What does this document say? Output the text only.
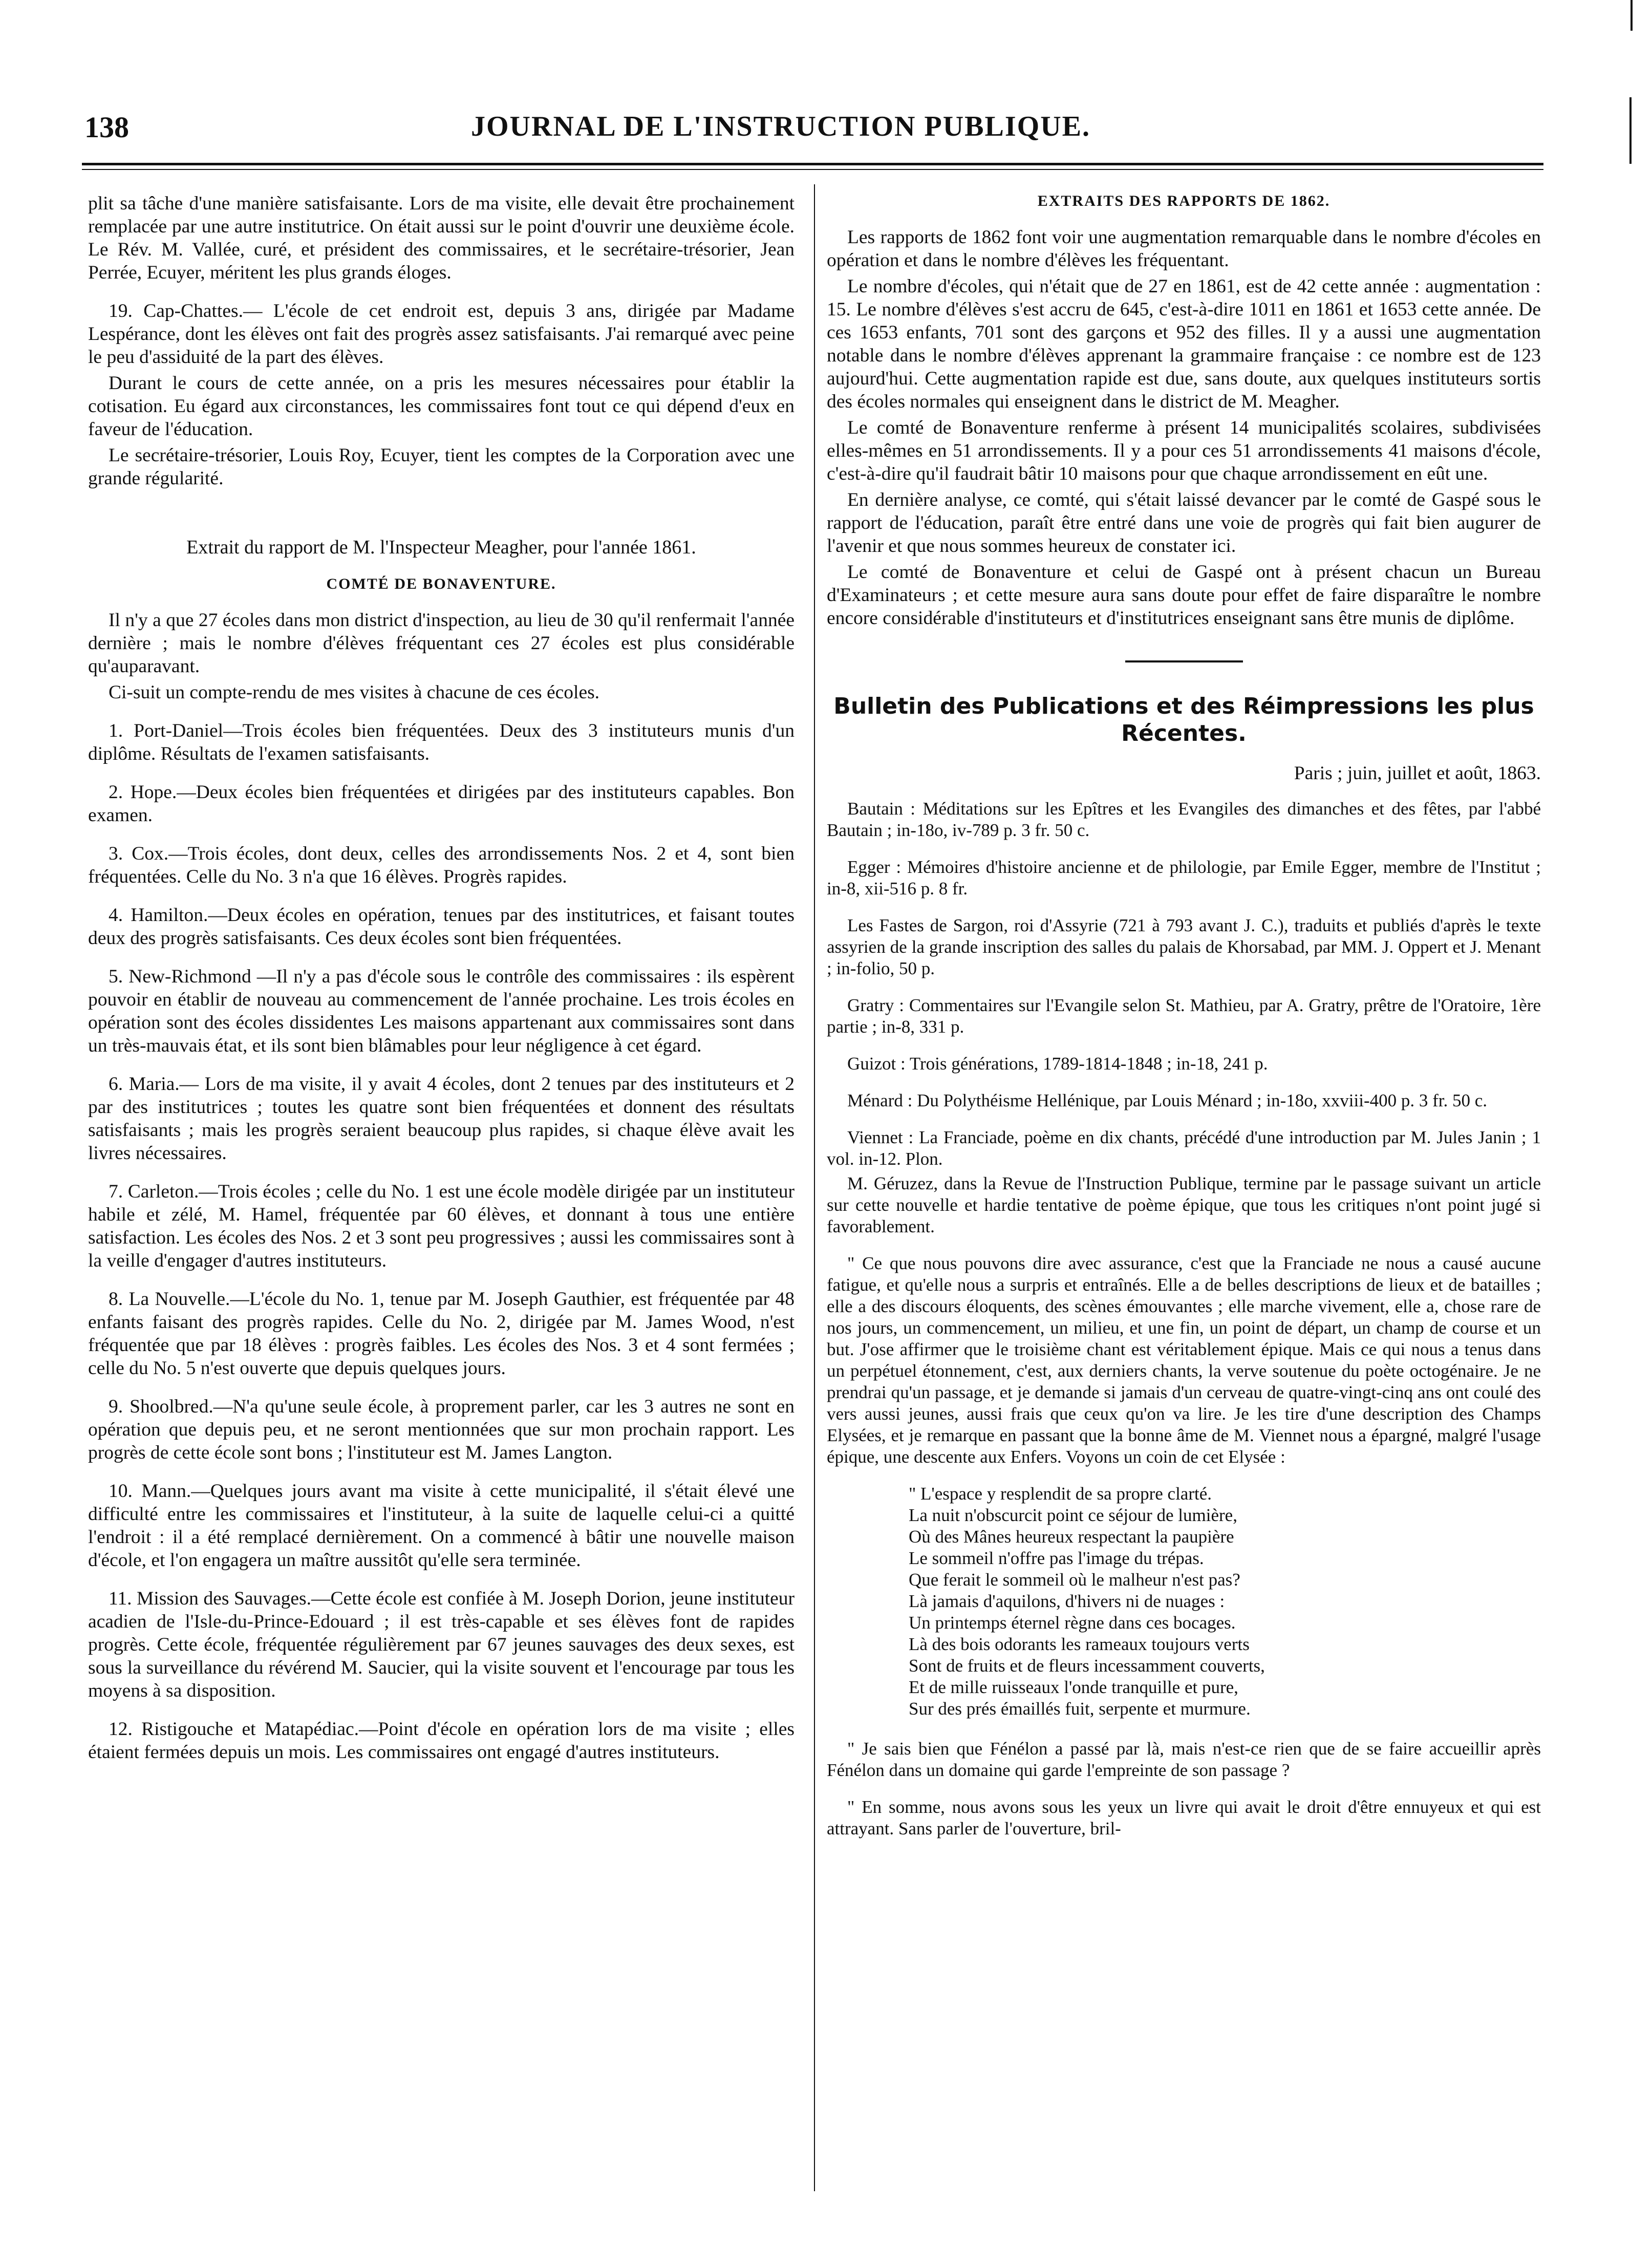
138	JOURNAL DE L'INSTRUCTION PUBLIQUE.

plit sa tâche d'une manière satisfaisante. Lors de ma visite, elle devait être prochainement remplacée par une autre institutrice. On était aussi sur le point d'ouvrir une deuxième école. Le Rév. M. Vallée, curé, et président des commissaires, et le secrétaire-trésorier, Jean Perrée, Ecuyer, méritent les plus grands éloges.

19. Cap-Chattes.— L'école de cet endroit est, depuis 3 ans, dirigée par Madame Lespérance, dont les élèves ont fait des progrès assez satisfaisants. J'ai remarqué avec peine le peu d'assiduité de la part des élèves.

Durant le cours de cette année, on a pris les mesures nécessaires pour établir la cotisation. Eu égard aux circonstances, les commissaires font tout ce qui dépend d'eux en faveur de l'éducation.

Le secrétaire-trésorier, Louis Roy, Ecuyer, tient les comptes de la Corporation avec une grande régularité.

Extrait du rapport de M. l'Inspecteur Meagher, pour l'année 1861.
COMTÉ DE BONAVENTURE.

Il n'y a que 27 écoles dans mon district d'inspection, au lieu de 30 qu'il renfermait l'année dernière ; mais le nombre d'élèves fréquentant ces 27 écoles est plus considérable qu'auparavant.

Ci-suit un compte-rendu de mes visites à chacune de ces écoles.

1. Port-Daniel—Trois écoles bien fréquentées. Deux des 3 instituteurs munis d'un diplôme. Résultats de l'examen satisfaisants.

2. Hope.—Deux écoles bien fréquentées et dirigées par des instituteurs capables. Bon examen.

3. Cox.—Trois écoles, dont deux, celles des arrondissements Nos. 2 et 4, sont bien fréquentées. Celle du No. 3 n'a que 16 élèves. Progrès rapides.

4. Hamilton.—Deux écoles en opération, tenues par des institutrices, et faisant toutes deux des progrès satisfaisants. Ces deux écoles sont bien fréquentées.

5. New-Richmond —Il n'y a pas d'école sous le contrôle des commissaires : ils espèrent pouvoir en établir de nouveau au commencement de l'année prochaine. Les trois écoles en opération sont des écoles dissidentes Les maisons appartenant aux commissaires sont dans un très-mauvais état, et ils sont bien blâmables pour leur négligence à cet égard.

6. Maria.— Lors de ma visite, il y avait 4 écoles, dont 2 tenues par des instituteurs et 2 par des institutrices ; toutes les quatre sont bien fréquentées et donnent des résultats satisfaisants ; mais les progrès seraient beaucoup plus rapides, si chaque élève avait les livres nécessaires.

7. Carleton.—Trois écoles ; celle du No. 1 est une école modèle dirigée par un instituteur habile et zélé, M. Hamel, fréquentée par 60 élèves, et donnant à tous une entière satisfaction. Les écoles des Nos. 2 et 3 sont peu progressives ; aussi les commissaires sont à la veille d'engager d'autres instituteurs.

8. La Nouvelle.—L'école du No. 1, tenue par M. Joseph Gauthier, est fréquentée par 48 enfants faisant des progrès rapides. Celle du No. 2, dirigée par M. James Wood, n'est fréquentée que par 18 élèves : progrès faibles. Les écoles des Nos. 3 et 4 sont fermées ; celle du No. 5 n'est ouverte que depuis quelques jours.

9. Shoolbred.—N'a qu'une seule école, à proprement parler, car les 3 autres ne sont en opération que depuis peu, et ne seront mentionnées que sur mon prochain rapport. Les progrès de cette école sont bons ; l'instituteur est M. James Langton.

10. Mann.—Quelques jours avant ma visite à cette municipalité, il s'était élevé une difficulté entre les commissaires et l'instituteur, à la suite de laquelle celui-ci a quitté l'endroit : il a été remplacé dernièrement. On a commencé à bâtir une nouvelle maison d'école, et l'on engagera un maître aussitôt qu'elle sera terminée.

11. Mission des Sauvages.—Cette école est confiée à M. Joseph Dorion, jeune instituteur acadien de l'Isle-du-Prince-Edouard ; il est très-capable et ses élèves font de rapides progrès. Cette école, fréquentée régulièrement par 67 jeunes sauvages des deux sexes, est sous la surveillance du révérend M. Saucier, qui la visite souvent et l'encourage par tous les moyens à sa disposition.

12. Ristigouche et Matapédiac.—Point d'école en opération lors de ma visite ; elles étaient fermées depuis un mois. Les commissaires ont engagé d'autres instituteurs.

EXTRAITS DES RAPPORTS DE 1862.

Les rapports de 1862 font voir une augmentation remarquable dans le nombre d'écoles en opération et dans le nombre d'élèves les fréquentant.

Le nombre d'écoles, qui n'était que de 27 en 1861, est de 42 cette année : augmentation : 15. Le nombre d'élèves s'est accru de 645, c'est-à-dire 1011 en 1861 et 1653 cette année. De ces 1653 enfants, 701 sont des garçons et 952 des filles. Il y a aussi une augmentation notable dans le nombre d'élèves apprenant la grammaire française : ce nombre est de 123 aujourd'hui. Cette augmentation rapide est due, sans doute, aux quelques instituteurs sortis des écoles normales qui enseignent dans le district de M. Meagher.

Le comté de Bonaventure renferme à présent 14 municipalités scolaires, subdivisées elles-mêmes en 51 arrondissements. Il y a pour ces 51 arrondissements 41 maisons d'école, c'est-à-dire qu'il faudrait bâtir 10 maisons pour que chaque arrondissement en eût une.

En dernière analyse, ce comté, qui s'était laissé devancer par le comté de Gaspé sous le rapport de l'éducation, paraît être entré dans une voie de progrès qui fait bien augurer de l'avenir et que nous sommes heureux de constater ici.

Le comté de Bonaventure et celui de Gaspé ont à présent chacun un Bureau d'Examinateurs ; et cette mesure aura sans doute pour effet de faire disparaître le nombre encore considérable d'instituteurs et d'institutrices enseignant sans être munis de diplôme.

Bulletin des Publications et des Réimpressions les plus Récentes.
Paris ; juin, juillet et août, 1863.

Bautain : Méditations sur les Epîtres et les Evangiles des dimanches et des fêtes, par l'abbé Bautain ; in-18o, iv-789 p. 3 fr. 50 c.

Egger : Mémoires d'histoire ancienne et de philologie, par Emile Egger, membre de l'Institut ; in-8, xii-516 p. 8 fr.

Les Fastes de Sargon, roi d'Assyrie (721 à 793 avant J. C.), traduits et publiés d'après le texte assyrien de la grande inscription des salles du palais de Khorsabad, par MM. J. Oppert et J. Menant ; in-folio, 50 p.

Gratry : Commentaires sur l'Evangile selon St. Mathieu, par A. Gratry, prêtre de l'Oratoire, 1ère partie ; in-8, 331 p.

Guizot : Trois générations, 1789-1814-1848 ; in-18, 241 p.

Ménard : Du Polythéisme Hellénique, par Louis Ménard ; in-18o, xxviii-400 p. 3 fr. 50 c.

Viennet : La Franciade, poème en dix chants, précédé d'une introduction par M. Jules Janin ; 1 vol. in-12. Plon.

M. Géruzez, dans la Revue de l'Instruction Publique, termine par le passage suivant un article sur cette nouvelle et hardie tentative de poème épique, que tous les critiques n'ont point jugé si favorablement.

" Ce que nous pouvons dire avec assurance, c'est que la Franciade ne nous a causé aucune fatigue, et qu'elle nous a surpris et entraînés. Elle a de belles descriptions de lieux et de batailles ; elle a des discours éloquents, des scènes émouvantes ; elle marche vivement, elle a, chose rare de nos jours, un commencement, un milieu, et une fin, un point de départ, un champ de course et un but. J'ose affirmer que le troisième chant est véritablement épique. Mais ce qui nous a tenus dans un perpétuel étonnement, c'est, aux derniers chants, la verve soutenue du poète octogénaire. Je ne prendrai qu'un passage, et je demande si jamais d'un cerveau de quatre-vingt-cinq ans ont coulé des vers aussi jeunes, aussi frais que ceux qu'on va lire. Je les tire d'une description des Champs Elysées, et je remarque en passant que la bonne âme de M. Viennet nous a épargné, malgré l'usage épique, une descente aux Enfers. Voyons un coin de cet Elysée :

" L'espace y resplendit de sa propre clarté.
La nuit n'obscurcit point ce séjour de lumière,
Où des Mânes heureux respectant la paupière
Le sommeil n'offre pas l'image du trépas.
Que ferait le sommeil où le malheur n'est pas?
Là jamais d'aquilons, d'hivers ni de nuages :
Un printemps éternel règne dans ces bocages.
Là des bois odorants les rameaux toujours verts
Sont de fruits et de fleurs incessamment couverts,
Et de mille ruisseaux l'onde tranquille et pure,
Sur des prés émaillés fuit, serpente et murmure.

" Je sais bien que Fénélon a passé par là, mais n'est-ce rien que de se faire accueillir après Fénélon dans un domaine qui garde l'empreinte de son passage ?

" En somme, nous avons sous les yeux un livre qui avait le droit d'être ennuyeux et qui est attrayant. Sans parler de l'ouverture, bril-
